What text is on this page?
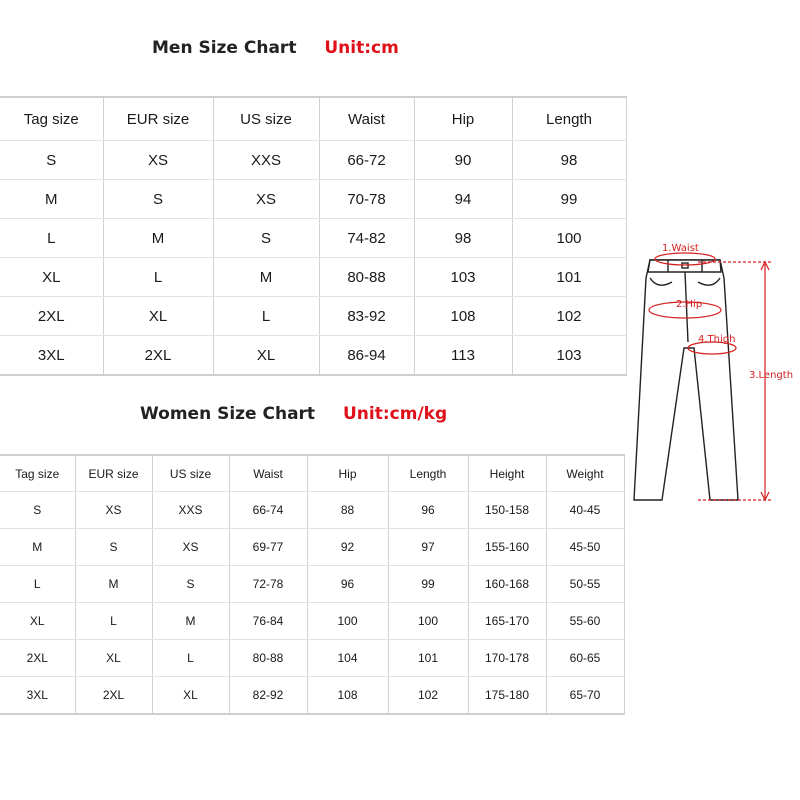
Men Size Chart Unit:cm
Tag size	EUR size	US size	Waist	Hip	Length
S	XS	XXS	66-72	90	98
M	S	XS	70-78	94	99
L	M	S	74-82	98	100
XL	L	M	80-88	103	101
2XL	XL	L	83-92	108	102
3XL	2XL	XL	86-94	113	103
Women Size Chart Unit:cm/kg
Tag size	EUR size	US size	Waist	Hip	Length	Height	Weight
S	XS	XXS	66-74	88	96	150-158	40-45
M	S	XS	69-77	92	97	155-160	45-50
L	M	S	72-78	96	99	160-168	50-55
XL	L	M	76-84	100	100	165-170	55-60
2XL	XL	L	80-88	104	101	170-178	60-65
3XL	2XL	XL	82-92	108	102	175-180	65-70
1.Waist
2.Hip
4.Thigh
3.Length
